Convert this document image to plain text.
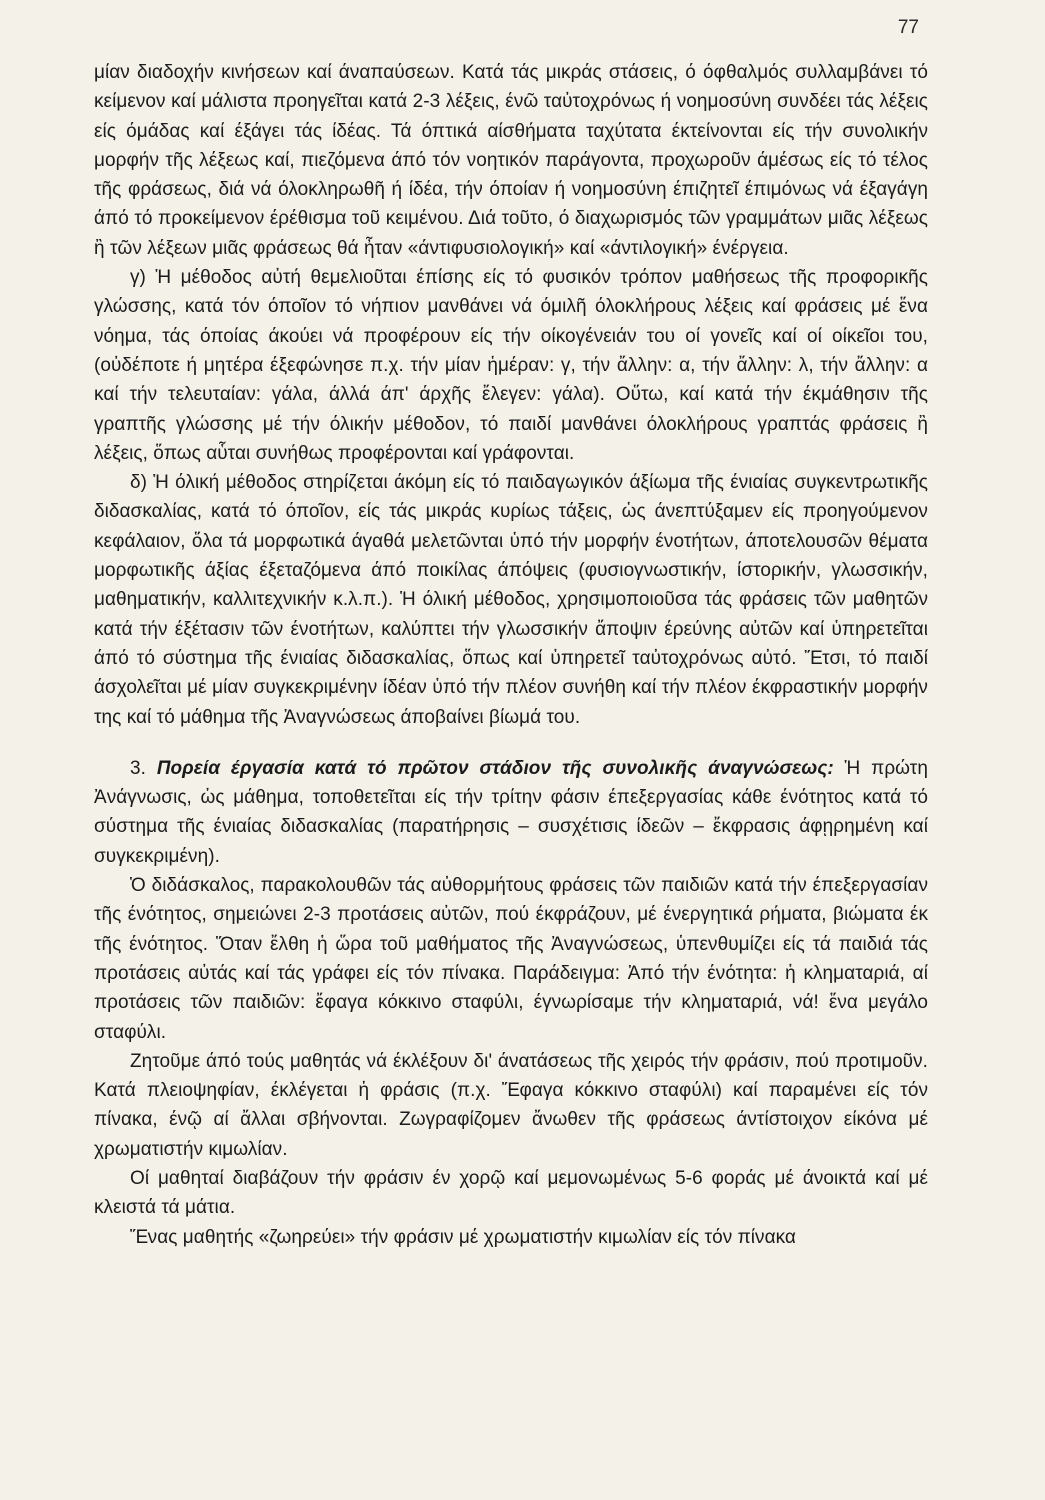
77

μίαν διαδοχήν κινήσεων καί άναπαύσεων. Κατά τάς μικράς στάσεις, ό όφθαλμός συλλαμβάνει τό κείμενον καί μάλιστα προηγεῖται κατά 2-3 λέξεις, ένῶ ταὐτοχρόνως ή νοημοσύνη συνδέει τάς λέξεις είς όμάδας καί έξάγει τάς ίδέας. Τά όπτικά αίσθήματα ταχύτατα έκτείνονται είς τήν συνολικήν μορφήν τῆς λέξεως καί, πιεζόμενα άπό τόν νοητικόν παράγοντα, προχωροῦν άμέσως είς τό τέλος τῆς φράσεως, διά νά όλοκληρωθῆ ή ίδέα, τήν όποίαν ή νοημοσύνη έπιζητεῖ έπιμόνως νά έξαγάγη άπό τό προκείμενον έρέθισμα τοῦ κειμένου. Διά τοῦτο, ό διαχωρισμός τῶν γραμμάτων μιᾶς λέξεως ἢ τῶν λέξεων μιᾶς φράσεως θά ἦταν «άντιφυσιολογική» καί «άντιλογική» ένέργεια.

γ) Ἡ μέθοδος αὐτή θεμελιοῦται έπίσης είς τό φυσικόν τρόπον μαθήσεως τῆς προφορικῆς γλώσσης, κατά τόν όποῖον τό νήπιον μανθάνει νά όμιλῆ όλοκλήρους λέξεις καί φράσεις μέ ἕνα νόημα, τάς όποίας άκούει νά προφέρουν είς τήν οίκογένειάν του οί γονεῖς καί οί οίκεῖοι του, (οὐδέποτε ή μητέρα έξεφώνησε π.χ. τήν μίαν ἡμέραν: γ, τήν ἄλλην: α, τήν ἄλλην: λ, τήν ἄλλην: α καί τήν τελευταίαν: γάλα, άλλά άπ' άρχῆς ἔλεγεν: γάλα). Οὕτω, καί κατά τήν έκμάθησιν τῆς γραπτῆς γλώσσης μέ τήν όλικήν μέθοδον, τό παιδί μανθάνει όλοκλήρους γραπτάς φράσεις ἢ λέξεις, ὅπως αὗται συνήθως προφέρονται καί γράφονται.

δ) Ἡ όλική μέθοδος στηρίζεται άκόμη είς τό παιδαγωγικόν άξίωμα τῆς ένιαίας συγκεντρωτικῆς διδασκαλίας, κατά τό όποῖον, είς τάς μικράς κυρίως τάξεις, ὡς άνεπτύξαμεν είς προηγούμενον κεφάλαιον, ὅλα τά μορφωτικά άγαθά μελετῶνται ὑπό τήν μορφήν ένοτήτων, άποτελουσῶν θέματα μορφωτικῆς άξίας έξεταζόμενα άπό ποικίλας άπόψεις (φυσιογνωστικήν, ίστορικήν, γλωσσικήν, μαθηματικήν, καλλιτεχνικήν κ.λ.π.). Ἡ όλική μέθοδος, χρησιμοποιοῦσα τάς φράσεις τῶν μαθητῶν κατά τήν έξέτασιν τῶν ένοτήτων, καλύπτει τήν γλωσσικήν ἄποψιν έρεύνης αὐτῶν καί ὑπηρετεῖται άπό τό σύστημα τῆς ένιαίας διδασκαλίας, ὅπως καί ὑπηρετεῖ ταὐτοχρόνως αὐτό. Ἔτσι, τό παιδί άσχολεῖται μέ μίαν συγκεκριμένην ίδέαν ὑπό τήν πλέον συνήθη καί τήν πλέον έκφραστικήν μορφήν της καί τό μάθημα τῆς Ἀναγνώσεως άποβαίνει βίωμά του.

3. Πορεία έργασία κατά τό πρῶτον στάδιον τῆς συνολικῆς άναγνώσεως: Ἡ πρώτη Ἀνάγνωσις, ὡς μάθημα, τοποθετεῖται είς τήν τρίτην φάσιν έπεξεργασίας κάθε ένότητος κατά τό σύστημα τῆς ένιαίας διδασκαλίας (παρατήρησις – συσχέτισις ίδεῶν – ἔκφρασις άφῃρημένη καί συγκεκριμένη).

Ὁ διδάσκαλος, παρακολουθῶν τάς αὐθορμήτους φράσεις τῶν παιδιῶν κατά τήν έπεξεργασίαν τῆς ένότητος, σημειώνει 2-3 προτάσεις αὐτῶν, πού έκφράζουν, μέ ένεργητικά ρήματα, βιώματα έκ τῆς ένότητος. Ὅταν ἔλθη ἡ ὥρα τοῦ μαθήματος τῆς Ἀναγνώσεως, ὑπενθυμίζει είς τά παιδιά τάς προτάσεις αὐτάς καί τάς γράφει είς τόν πίνακα. Παράδειγμα: Ἀπό τήν ένότητα: ἡ κληματαριά, αί προτάσεις τῶν παιδιῶν: ἔφαγα κόκκινο σταφύλι, έγνωρίσαμε τήν κληματαριά, νά! ἕνα μεγάλο σταφύλι.

Ζητοῦμε άπό τούς μαθητάς νά έκλέξουν δι' άνατάσεως τῆς χειρός τήν φράσιν, πού προτιμοῦν. Κατά πλειοψηφίαν, έκλέγεται ἡ φράσις (π.χ. Ἔφαγα κόκκινο σταφύλι) καί παραμένει είς τόν πίνακα, ένῷ αί ἄλλαι σβήνονται. Ζωγραφίζομεν ἄνωθεν τῆς φράσεως άντίστοιχον είκόνα μέ χρωματιστήν κιμωλίαν.

Οί μαθηταί διαβάζουν τήν φράσιν έν χορῷ καί μεμονωμένως 5-6 φοράς μέ άνοικτά καί μέ κλειστά τά μάτια.

Ἕνας μαθητής «ζωηρεύει» τήν φράσιν μέ χρωματιστήν κιμωλίαν είς τόν πίνακα
